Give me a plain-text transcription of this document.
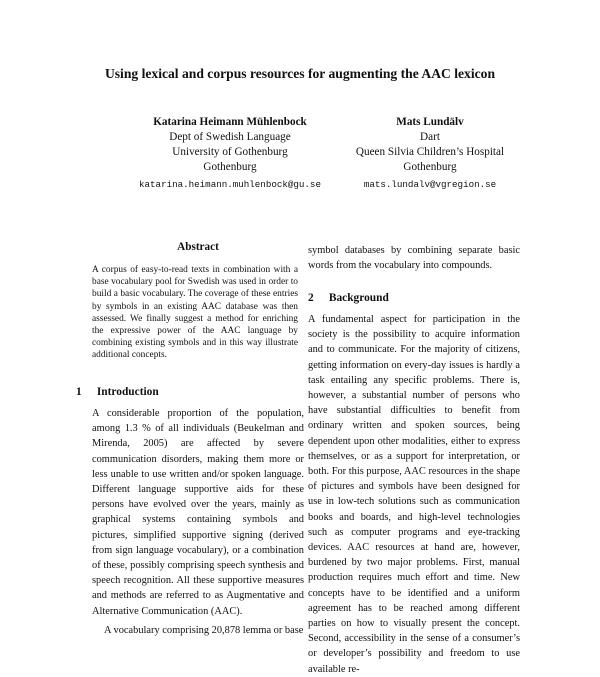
Using lexical and corpus resources for augmenting the AAC lexicon
Katarina Heimann Mühlenbock
Dept of Swedish Language
University of Gothenburg
Gothenburg
katarina.heimann.muhlenbock@gu.se
Mats Lundälv
Dart
Queen Silvia Children’s Hospital
Gothenburg
mats.lundalv@vgregion.se
Abstract
A corpus of easy-to-read texts in combination with a base vocabulary pool for Swedish was used in order to build a basic vocabulary. The coverage of these entries by symbols in an existing AAC database was then assessed. We finally suggest a method for enriching the expressive power of the AAC language by combining existing symbols and in this way illustrate additional concepts.
1 Introduction
A considerable proportion of the population, among 1.3 % of all individuals (Beukelman and Mirenda, 2005) are affected by severe communication disorders, making them more or less unable to use written and/or spoken language. Different language supportive aids for these persons have evolved over the years, mainly as graphical systems containing symbols and pictures, simplified supportive signing (derived from sign language vocabulary), or a combination of these, possibly comprising speech synthesis and speech recognition. All these supportive measures and methods are referred to as Augmentative and Alternative Communication (AAC).
A vocabulary comprising 20,878 lemma or base
symbol databases by combining separate basic words from the vocabulary into compounds.
2 Background
A fundamental aspect for participation in the society is the possibility to acquire information and to communicate. For the majority of citizens, getting information on every-day issues is hardly a task entailing any specific problems. There is, however, a substantial number of persons who have substantial difficulties to benefit from ordinary written and spoken sources, being dependent upon other modalities, either to express themselves, or as a support for interpretation, or both. For this purpose, AAC resources in the shape of pictures and symbols have been designed for use in low-tech solutions such as communication books and boards, and high-level technologies such as computer programs and eye-tracking devices. AAC resources at hand are, however, burdened by two major problems. First, manual production requires much effort and time. New concepts have to be identified and a uniform agreement has to be reached among different parties on how to visually present the concept. Second, accessibility in the sense of a consumer’s or developer’s possibility and freedom to use available re-
